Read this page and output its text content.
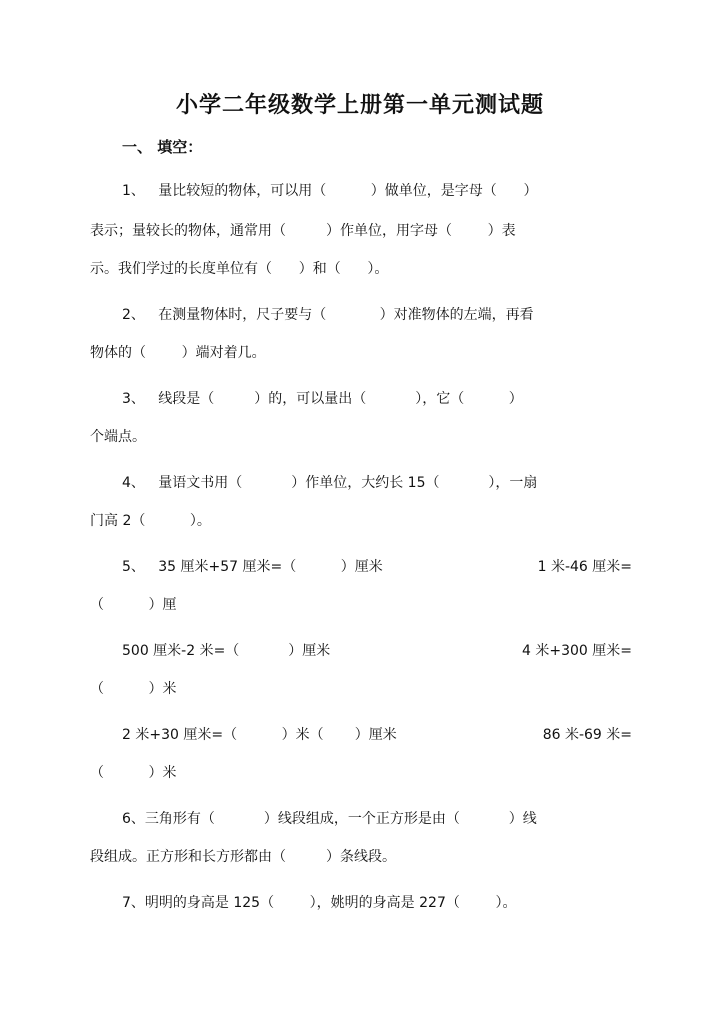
小学二年级数学上册第一单元测试题
一、 填空：
1、   量比较短的物体，可以用（          ）做单位，是字母（      ）
表示；量较长的物体，通常用（         ）作单位，用字母（        ）表
示。我们学过的长度单位有（      ）和（      ）。
2、   在测量物体时，尺子要与（            ）对准物体的左端，再看
物体的（        ）端对着几。
3、   线段是（         ）的，可以量出（           ），它（          ）
个端点。
4、   量语文书用（           ）作单位，大约长 15（           ），一扇
门高 2（          ）。
5、   35 厘米+57 厘米=（          ）厘米	1 米-46 厘米=
（          ）厘
500 厘米-2 米=（           ）厘米	4 米+300 厘米=
（          ）米
2 米+30 厘米=（          ）米（       ）厘米	86 米-69 米=
（          ）米
6、三角形有（           ）线段组成，一个正方形是由（           ）线
段组成。正方形和长方形都由（         ）条线段。
7、明明的身高是 125（        ），姚明的身高是 227（        ）。
